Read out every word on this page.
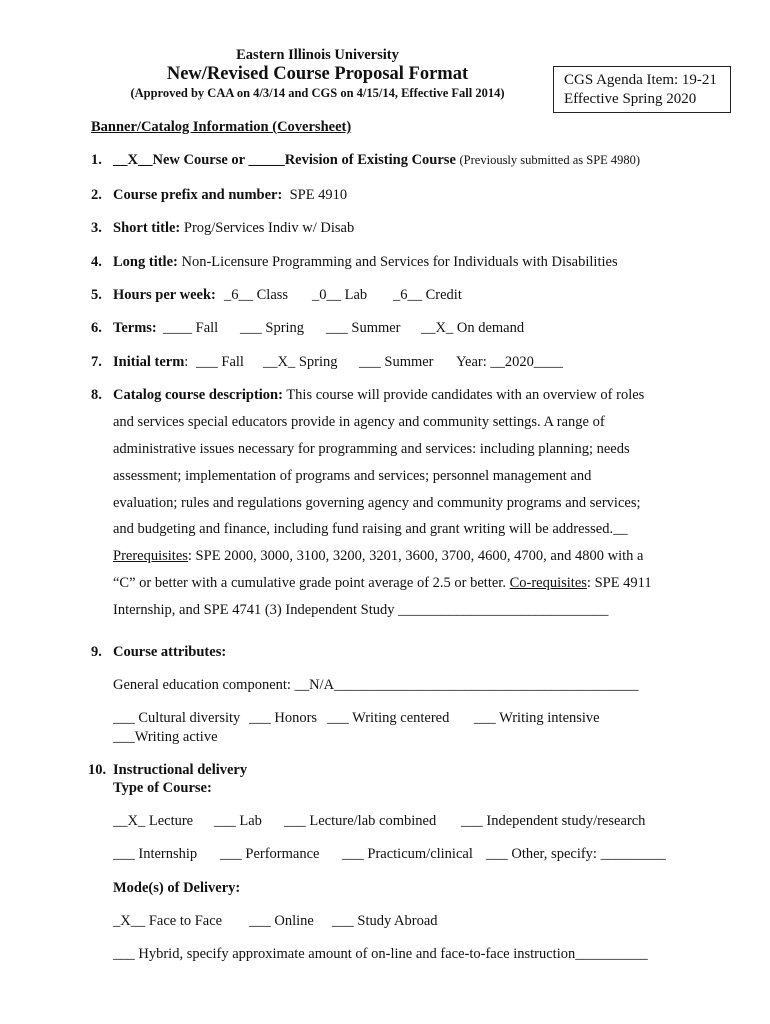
Eastern Illinois University
New/Revised Course Proposal Format
(Approved by CAA on 4/3/14 and CGS on 4/15/14, Effective Fall 2014)
CGS Agenda Item: 19-21
Effective Spring 2020
Banner/Catalog Information (Coversheet)
1. __X__New Course or _____Revision of Existing Course (Previously submitted as SPE 4980)
2. Course prefix and number: SPE 4910
3. Short title: Prog/Services Indiv w/ Disab
4. Long title: Non-Licensure Programming and Services for Individuals with Disabilities
5. Hours per week: _6__ Class _0__ Lab _6__ Credit
6. Terms: ____ Fall ___ Spring ___ Summer __X_ On demand
7. Initial term: ___ Fall __X_ Spring ___ Summer Year: __2020____
8. Catalog course description: This course will provide candidates with an overview of roles
and services special educators provide in agency and community settings. A range of
administrative issues necessary for programming and services: including planning; needs
assessment; implementation of programs and services; personnel management and
evaluation; rules and regulations governing agency and community programs and services;
and budgeting and finance, including fund raising and grant writing will be addressed.__
Prerequisites: SPE 2000, 3000, 3100, 3200, 3201, 3600, 3700, 4600, 4700, and 4800 with a
“C” or better with a cumulative grade point average of 2.5 or better. Co-requisites: SPE 4911
Internship, and SPE 4741 (3) Independent Study _____________________________
9. Course attributes:
General education component: __N/A__________________________________________
___ Cultural diversity ___ Honors ___ Writing centered ___ Writing intensive
___Writing active
10. Instructional delivery
Type of Course:
__X_ Lecture ___ Lab ___ Lecture/lab combined ___ Independent study/research
___ Internship ___ Performance ___ Practicum/clinical ___ Other, specify: _________
Mode(s) of Delivery:
_X__ Face to Face ___ Online ___ Study Abroad
___ Hybrid, specify approximate amount of on-line and face-to-face instruction__________
